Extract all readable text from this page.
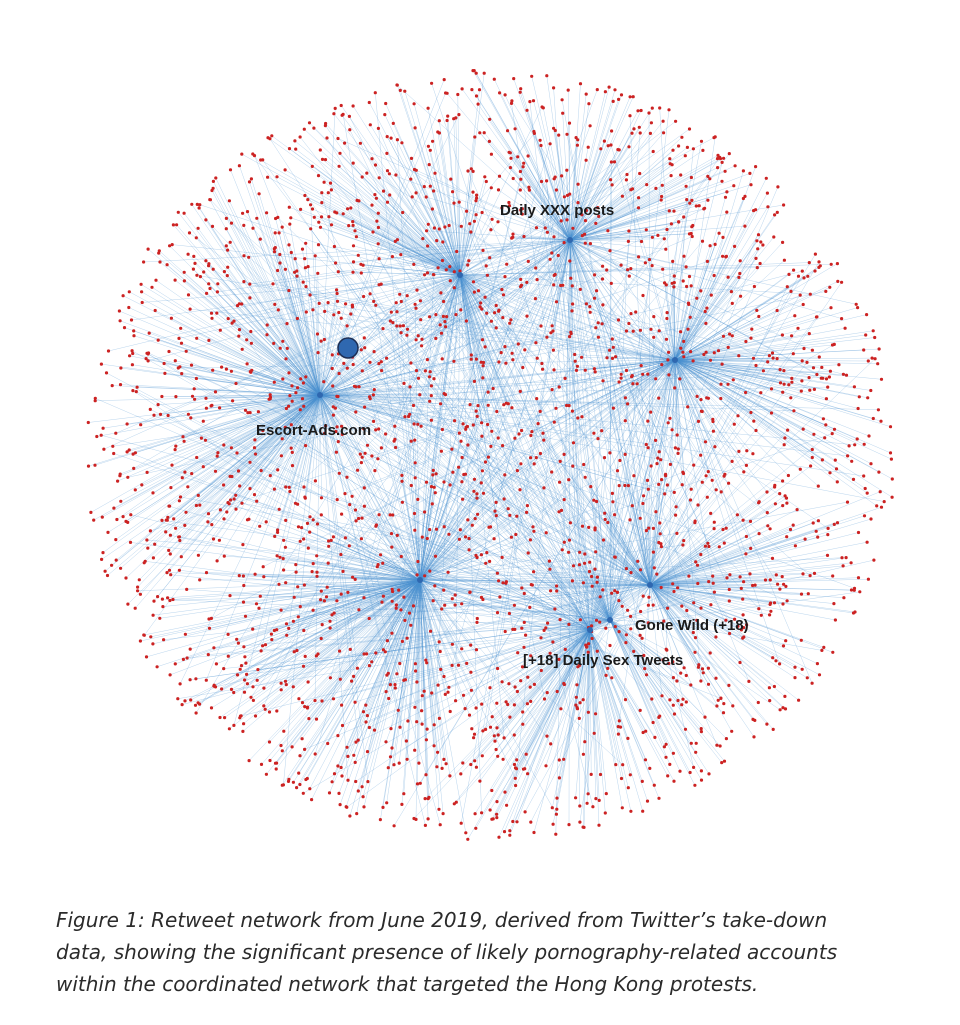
Daily XXX posts
Escort-Ads.com
Gone Wild (+18)
[+18] Daily Sex Tweets
Figure 1: Retweet network from June 2019, derived from Twitter’s take-down
data, showing the significant presence of likely pornography-related accounts
within the coordinated network that targeted the Hong Kong protests.
